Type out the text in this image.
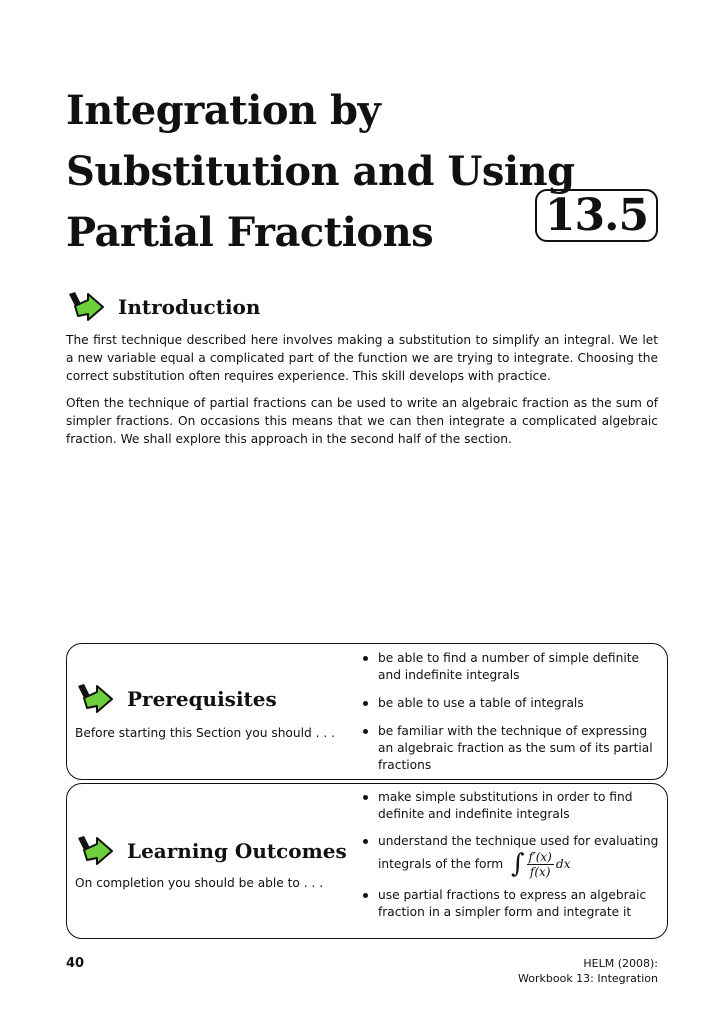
Integration by
Substitution and Using
Partial Fractions	13.5
Introduction

The first technique described here involves making a substitution to simplify an integral. We let a new variable equal a complicated part of the function we are trying to integrate. Choosing the correct substitution often requires experience. This skill develops with practice.

Often the technique of partial fractions can be used to write an algebraic fraction as the sum of simpler fractions. On occasions this means that we can then integrate a complicated algebraic fraction. We shall explore this approach in the second half of the section.

Prerequisites
Before starting this Section you should . . .
be able to find a number of simple definite and indefinite integrals
be able to use a table of integrals
be familiar with the technique of expressing an algebraic fraction as the sum of its partial fractions
Learning Outcomes
On completion you should be able to . . .
make simple substitutions in order to find definite and indefinite integrals
understand the technique used for evaluating integrals of the form ∫ $\frac{f'(x)}{f(x)}$ dx
use partial fractions to express an algebraic fraction in a simpler form and integrate it
40	HELM (2008):
Workbook 13: Integration
